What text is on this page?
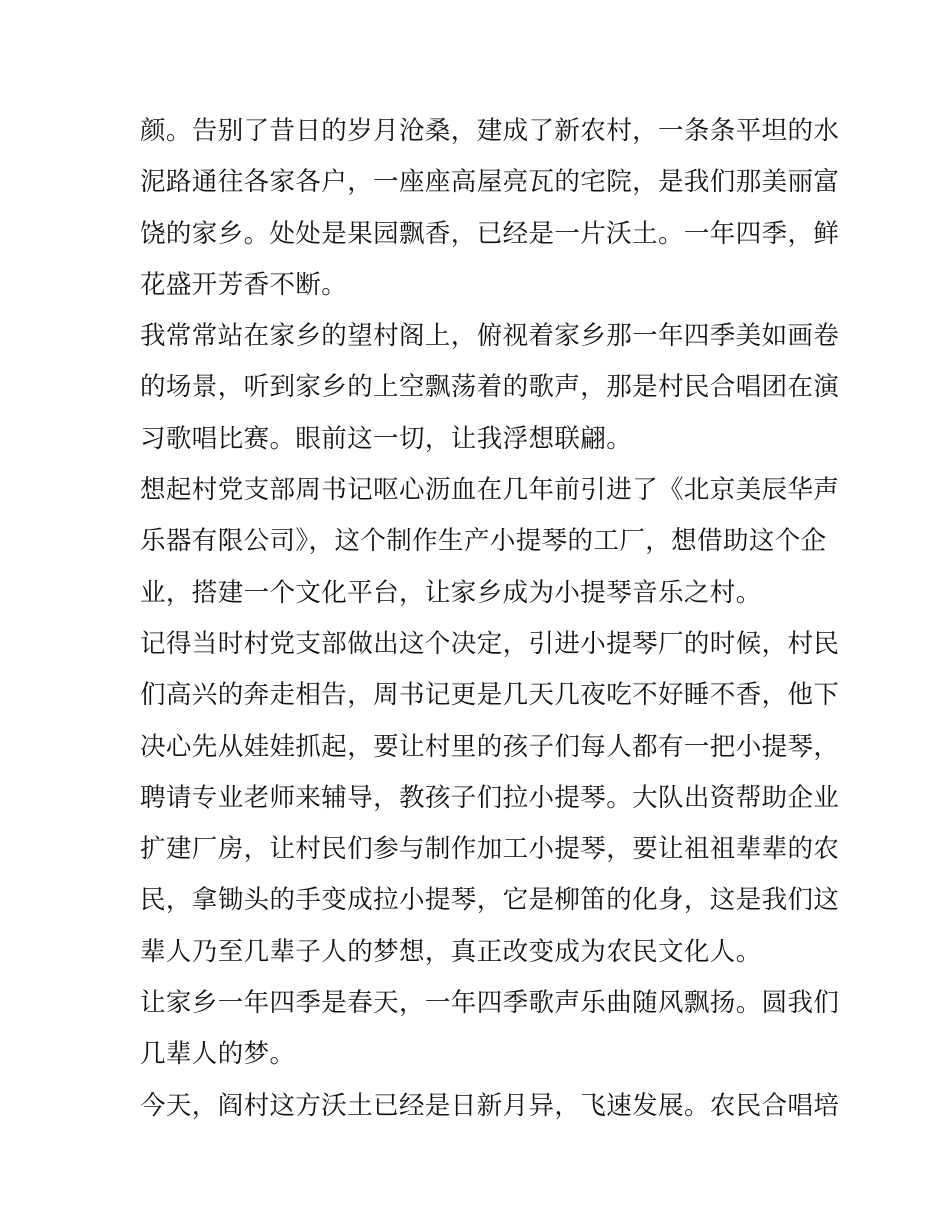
颜。告别了昔日的岁月沧桑，建成了新农村，一条条平坦的水
泥路通往各家各户，一座座高屋亮瓦的宅院，是我们那美丽富
饶的家乡。处处是果园飘香，已经是一片沃土。一年四季，鲜
花盛开芳香不断。
我常常站在家乡的望村阁上，俯视着家乡那一年四季美如画卷
的场景，听到家乡的上空飘荡着的歌声，那是村民合唱团在演
习歌唱比赛。眼前这一切，让我浮想联翩。
想起村党支部周书记呕心沥血在几年前引进了《北京美辰华声
乐器有限公司》，这个制作生产小提琴的工厂，想借助这个企
业，搭建一个文化平台，让家乡成为小提琴音乐之村。
记得当时村党支部做出这个决定，引进小提琴厂的时候，村民
们高兴的奔走相告，周书记更是几天几夜吃不好睡不香，他下
决心先从娃娃抓起，要让村里的孩子们每人都有一把小提琴，
聘请专业老师来辅导，教孩子们拉小提琴。大队出资帮助企业
扩建厂房，让村民们参与制作加工小提琴，要让祖祖辈辈的农
民，拿锄头的手变成拉小提琴，它是柳笛的化身，这是我们这
辈人乃至几辈子人的梦想，真正改变成为农民文化人。
让家乡一年四季是春天，一年四季歌声乐曲随风飘扬。圆我们
几辈人的梦。
今天，阎村这方沃土已经是日新月异，飞速发展。农民合唱培
